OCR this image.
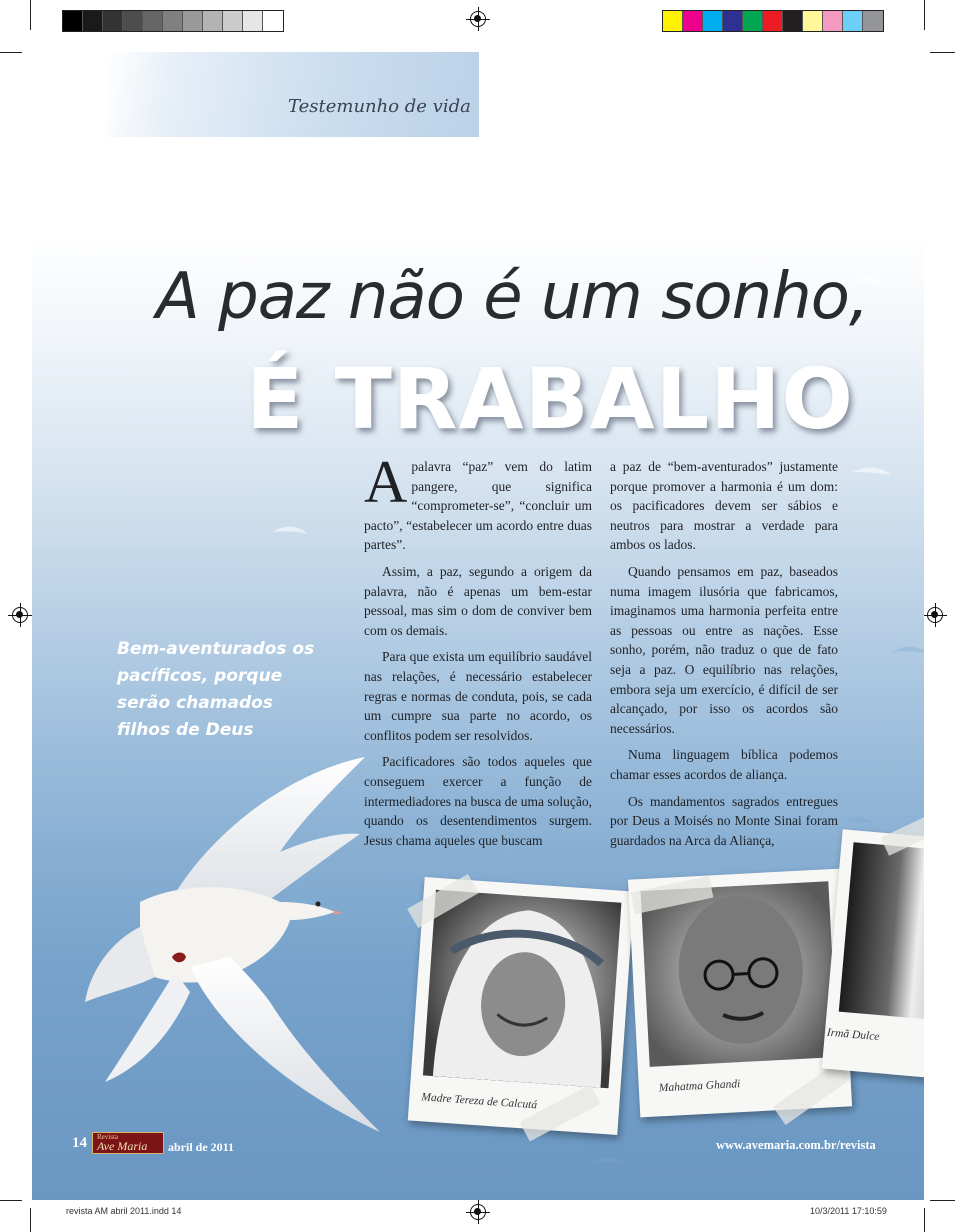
Testemunho de vida
A paz não é um sonho,
É TRABALHO

Apalavra “paz” vem do latim pangere, que significa “comprometer-se”, “concluir um pacto”, “estabelecer um acordo entre duas partes”.

Assim, a paz, segundo a origem da palavra, não é apenas um bem-estar pessoal, mas sim o dom de conviver bem com os demais.

Para que exista um equilíbrio saudável nas relações, é necessário estabelecer regras e normas de conduta, pois, se cada um cumpre sua parte no acordo, os conflitos podem ser resolvidos.

Pacificadores são todos aqueles que conseguem exercer a função de intermediadores na busca de uma solução, quando os desentendimentos surgem. Jesus chama aqueles que buscam

a paz de “bem-aventurados” justamente porque promover a harmonia é um dom: os pacificadores devem ser sábios e neutros para mostrar a verdade para ambos os lados.

Quando pensamos em paz, baseados numa imagem ilusória que fabricamos, imaginamos uma harmonia perfeita entre as pessoas ou entre as nações. Esse sonho, porém, não traduz o que de fato seja a paz. O equilíbrio nas relações, embora seja um exercício, é difícil de ser alcançado, por isso os acordos são necessários.

Numa linguagem bíblica podemos chamar esses acordos de aliança.

Os mandamentos sagrados entregues por Deus a Moisés no Monte Sinai foram guardados na Arca da Aliança,

Bem-aventurados os pacíficos, porque serão chamados filhos de Deus
Madre Tereza de Calcutá
Mahatma Ghandi
Irmã Dulce
14 Revista
Ave Maria abril de 2011	www.avemaria.com.br/revista
revista AM abril 2011.indd 14	10/3/2011 17:10:59
